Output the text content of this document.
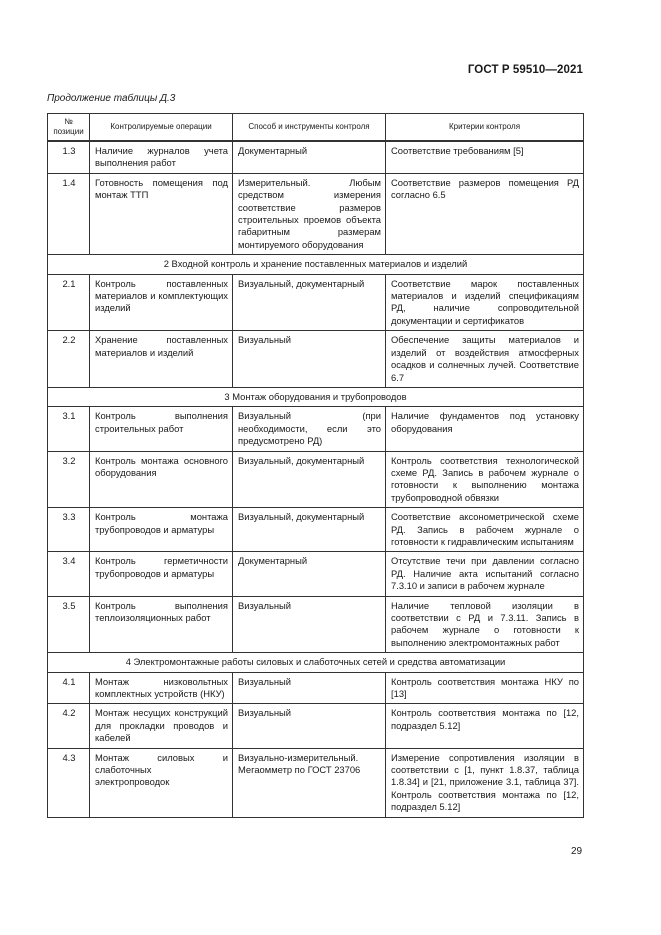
ГОСТ Р 59510—2021
Продолжение таблицы Д.3
№ позиции	Контролируемые операции	Способ и инструменты контроля	Критерии контроля
1.3	Наличие журналов учета выполнения работ	Документарный	Соответствие требованиям [5]
1.4	Готовность помещения под монтаж ТТП	Измерительный. Любым средством измерения соответствие размеров строительных проемов объекта габаритным размерам монтируемого оборудования	Соответствие размеров помещения РД согласно 6.5
2 Входной контроль и хранение поставленных материалов и изделий			
2.1	Контроль поставленных материалов и комплектующих изделий	Визуальный, документарный	Соответствие марок поставленных материалов и изделий спецификациям РД, наличие сопроводительной документации и сертификатов
2.2	Хранение поставленных материалов и изделий	Визуальный	Обеспечение защиты материалов и изделий от воздействия атмосферных осадков и солнечных лучей. Соответствие 6.7
3 Монтаж оборудования и трубопроводов			
3.1	Контроль выполнения строительных работ	Визуальный (при необходимости, если это предусмотрено РД)	Наличие фундаментов под установку оборудования
3.2	Контроль монтажа основного оборудования	Визуальный, документарный	Контроль соответствия технологической схеме РД. Запись в рабочем журнале о готовности к выполнению монтажа трубопроводной обвязки
3.3	Контроль монтажа трубопроводов и арматуры	Визуальный, документарный	Соответствие аксонометрической схеме РД. Запись в рабочем журнале о готовности к гидравлическим испытаниям
3.4	Контроль герметичности трубопроводов и арматуры	Документарный	Отсутствие течи при давлении согласно РД. Наличие акта испытаний согласно 7.3.10 и записи в рабочем журнале
3.5	Контроль выполнения теплоизоляционных работ	Визуальный	Наличие тепловой изоляции в соответствии с РД и 7.3.11. Запись в рабочем журнале о готовности к выполнению электромонтажных работ
4 Электромонтажные работы силовых и слаботочных сетей и средства автоматизации			
4.1	Монтаж низковольтных комплектных устройств (НКУ)	Визуальный	Контроль соответствия монтажа НКУ по [13]
4.2	Монтаж несущих конструкций для прокладки проводов и кабелей	Визуальный	Контроль соответствия монтажа по [12, подраздел 5.12]
4.3	Монтаж силовых и слаботочных электропроводок	Визуально-измерительный. Мегаомметр по ГОСТ 23706	Измерение сопротивления изоляции в соответствии с [1, пункт 1.8.37, таблица 1.8.34] и [21, приложение 3.1, таблица 37]. Контроль соответствия монтажа по [12, подраздел 5.12]
29
